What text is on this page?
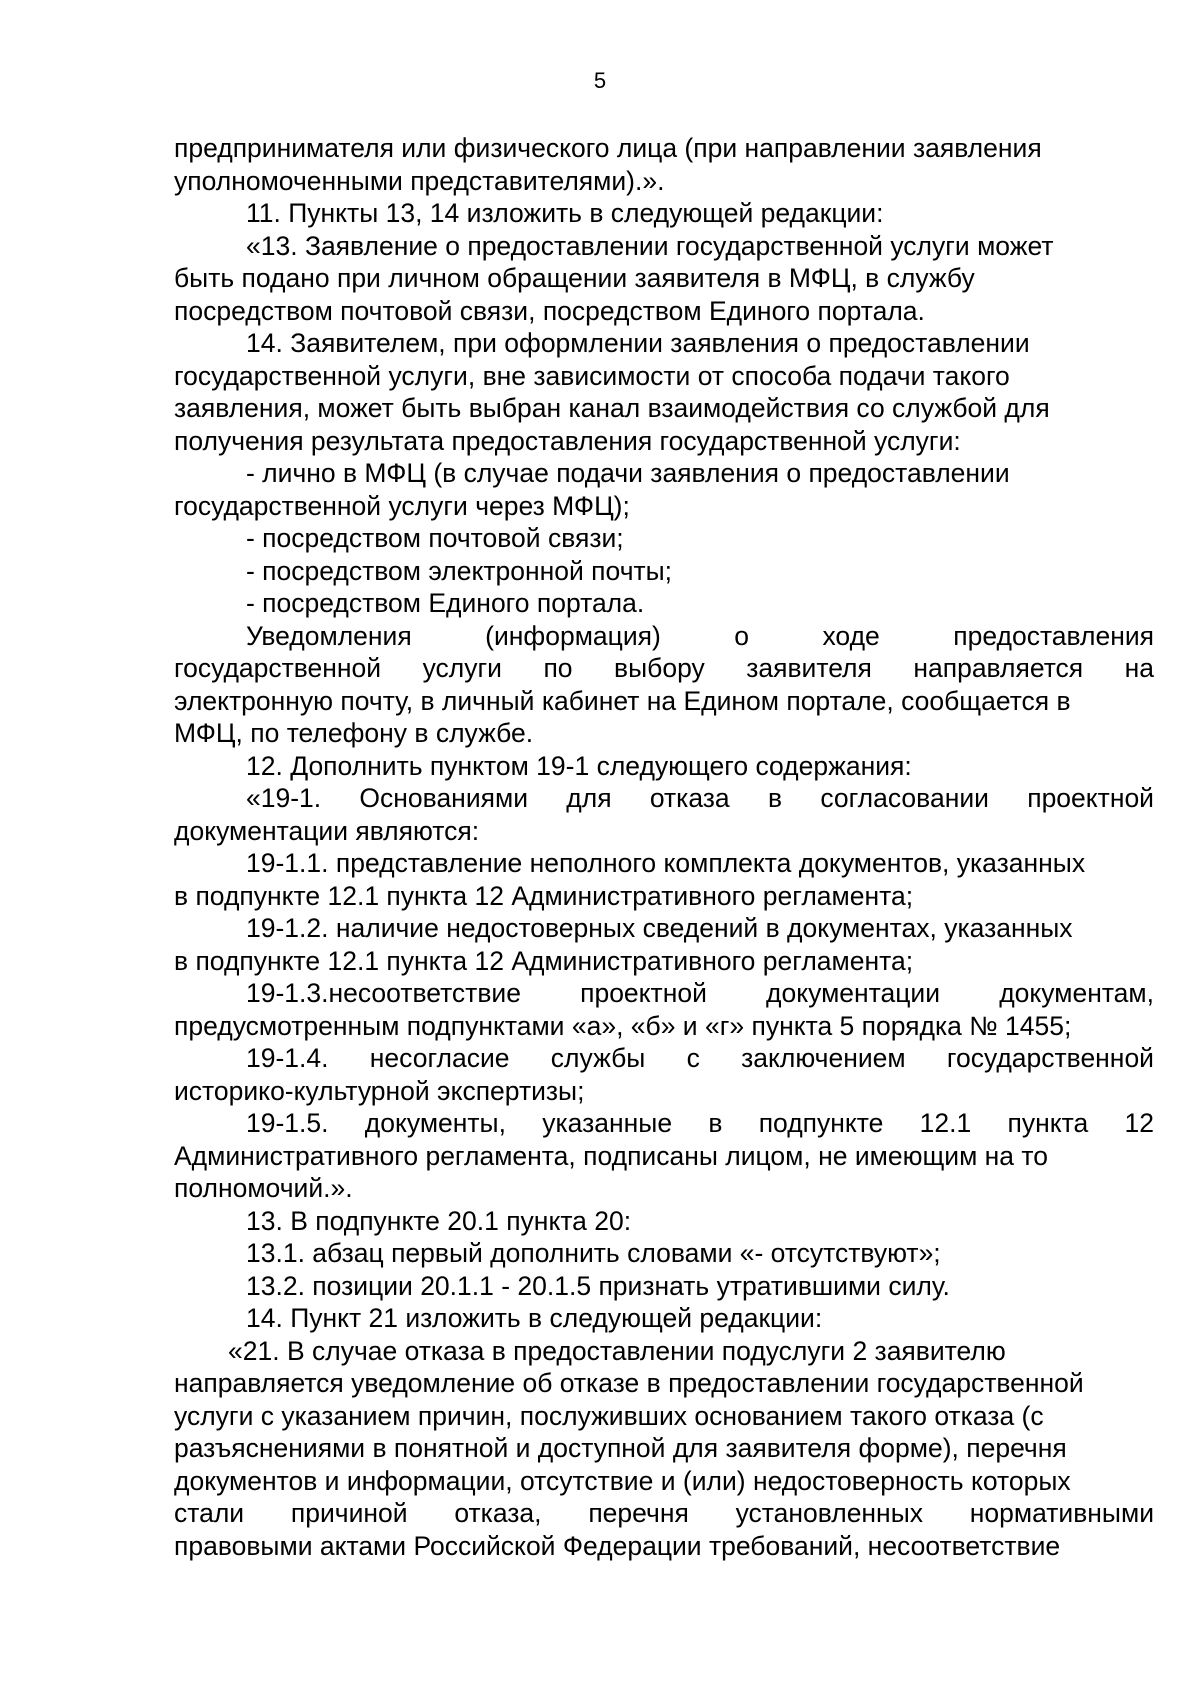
5
предпринимателя или физического лица (при направлении заявления
уполномоченными представителями).».
11. Пункты 13, 14 изложить в следующей редакции:
«13. Заявление о предоставлении государственной услуги может
быть подано при личном обращении заявителя в МФЦ, в службу
посредством почтовой связи, посредством Единого портала.
14. Заявителем, при оформлении заявления о предоставлении
государственной услуги, вне зависимости от способа подачи такого
заявления, может быть выбран канал взаимодействия со службой для
получения результата предоставления государственной услуги:
- лично в МФЦ (в случае подачи заявления о предоставлении
государственной услуги через МФЦ);
- посредством почтовой связи;
- посредством электронной почты;
- посредством Единого портала.
Уведомления (информация) о ходе предоставления
государственной услуги по выбору заявителя направляется на
электронную почту, в личный кабинет на Едином портале, сообщается в
МФЦ, по телефону в службе.
12. Дополнить пунктом 19-1 следующего содержания:
«19-1. Основаниями для отказа в согласовании проектной
документации являются:
19-1.1. представление неполного комплекта документов, указанных
в подпункте 12.1 пункта 12 Административного регламента;
19-1.2. наличие недостоверных сведений в документах, указанных
в подпункте 12.1 пункта 12 Административного регламента;
19-1.3.несоответствие проектной документации документам,
предусмотренным подпунктами «а», «б» и «г» пункта 5 порядка № 1455;
19-1.4. несогласие службы с заключением государственной
историко-культурной экспертизы;
19-1.5. документы, указанные в подпункте 12.1 пункта 12
Административного регламента, подписаны лицом, не имеющим на то
полномочий.».
13. В подпункте 20.1 пункта 20:
13.1. абзац первый дополнить словами «- отсутствуют»;
13.2. позиции 20.1.1 - 20.1.5 признать утратившими силу.
14. Пункт 21 изложить в следующей редакции:
«21. В случае отказа в предоставлении подуслуги 2 заявителю
направляется уведомление об отказе в предоставлении государственной
услуги с указанием причин, послуживших основанием такого отказа (с
разъяснениями в понятной и доступной для заявителя форме), перечня
документов и информации, отсутствие и (или) недостоверность которых
стали причиной отказа, перечня установленных нормативными
правовыми актами Российской Федерации требований, несоответствие
